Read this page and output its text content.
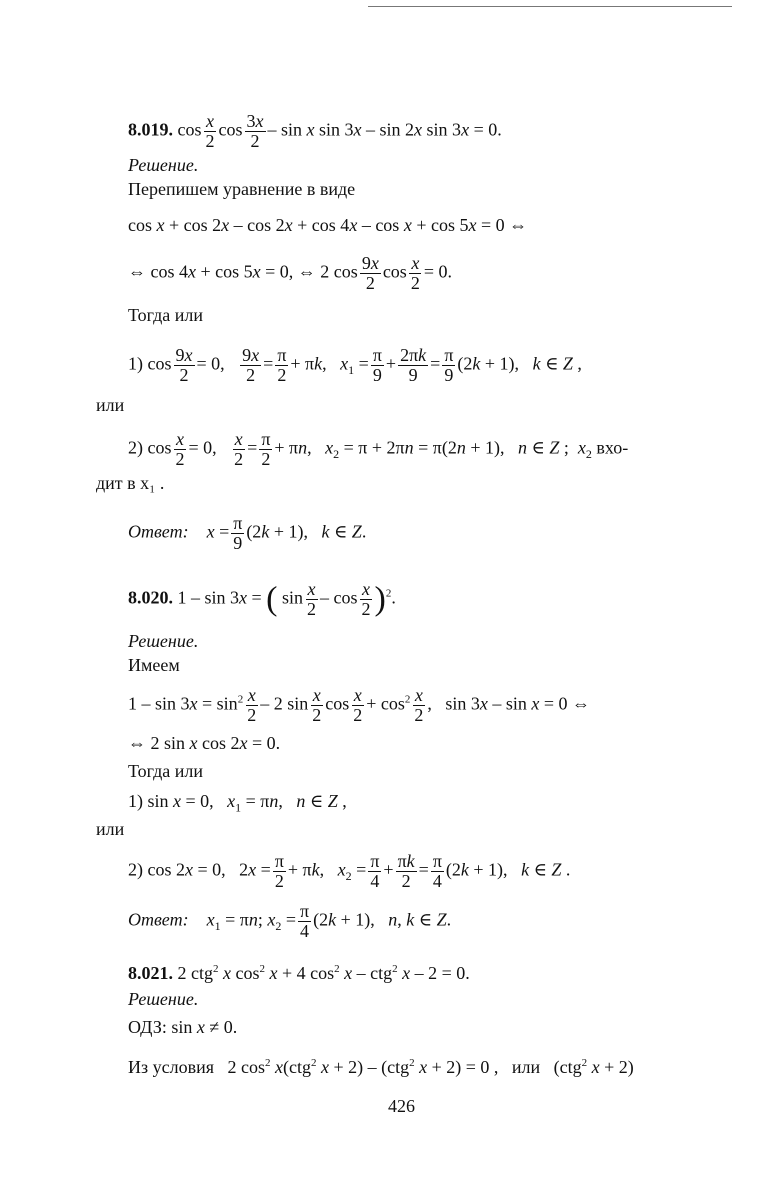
8.019. $\cos \frac{x}{2}$ $\cos \frac{3x}{2}$ – sin x sin 3x – sin 2x sin 3x = 0.
Решение.
Перепишем уравнение в виде
cos x + cos 2x – cos 2x + cos 4x – cos x + cos 5x = 0 ⇔
⇔ cos 4x + cos 5x = 0, ⇔ 2 $\cos \frac{9x}{2}$ $\cos \frac{x}{2} = 0$.
Тогда или
1) $\cos \frac{9x}{2} = 0$, $\frac{9x}{2} = \frac{\pi}{2} + \pi k$,   $x_1 = \frac{\pi}{9} + \frac{2\pi k}{9} = \frac{\pi}{9} (2k + 1)$,   k ∈ Z ,
или
2) $\cos \frac{x}{2} = 0$, $\frac{x}{2} = \frac{\pi}{2} + \pi n$,   $x_2 = \pi + 2\pi n = \pi(2n + 1)$,   n ∈ Z ;  $x_2$ вхо-
дит в x₁ .
Ответ: $x = \frac{\pi}{9} (2k + 1)$,   k ∈ Z.
8.020. 1 – sin 3x = ( $\sin \frac{x}{2}$ – $\cos \frac{x}{2} )^2$.
Решение.
Имеем
$1 - \sin 3x = \sin^2 \frac{x}{2} - 2$ $\sin \frac{x}{2}$ $\cos \frac{x}{2} + \cos^2 \frac{x}{2}$ ,   sin 3x – sin x = 0 ⇔
⇔ 2 sin x cos 2x = 0.
Тогда или
1) sin x = 0,   $x_1 = \pi n$,   n ∈ Z ,
или
2) cos 2x = 0,   $2x = \frac{\pi}{2} + \pi k$,   $x_2 = \frac{\pi}{4} + \frac{\pi k}{2} = \frac{\pi}{4} (2k + 1)$,   k ∈ Z .
Ответ: $x_1 = \pi n$; $x_2 = \frac{\pi}{4} (2k + 1)$,   n, k ∈ Z.
8.021. 2 ctg$^2$ x $\cos^2 x + 4$ $\cos^2 x - ctg^2$ x – 2 = 0.
Решение.
ОДЗ: sin x ≠ 0.
Из условия   2 $\cos^2 x(ctg^2$ x + 2) – (ctg$^2$ x + 2) = 0 ,   или   (ctg$^2$ x + 2)
426
